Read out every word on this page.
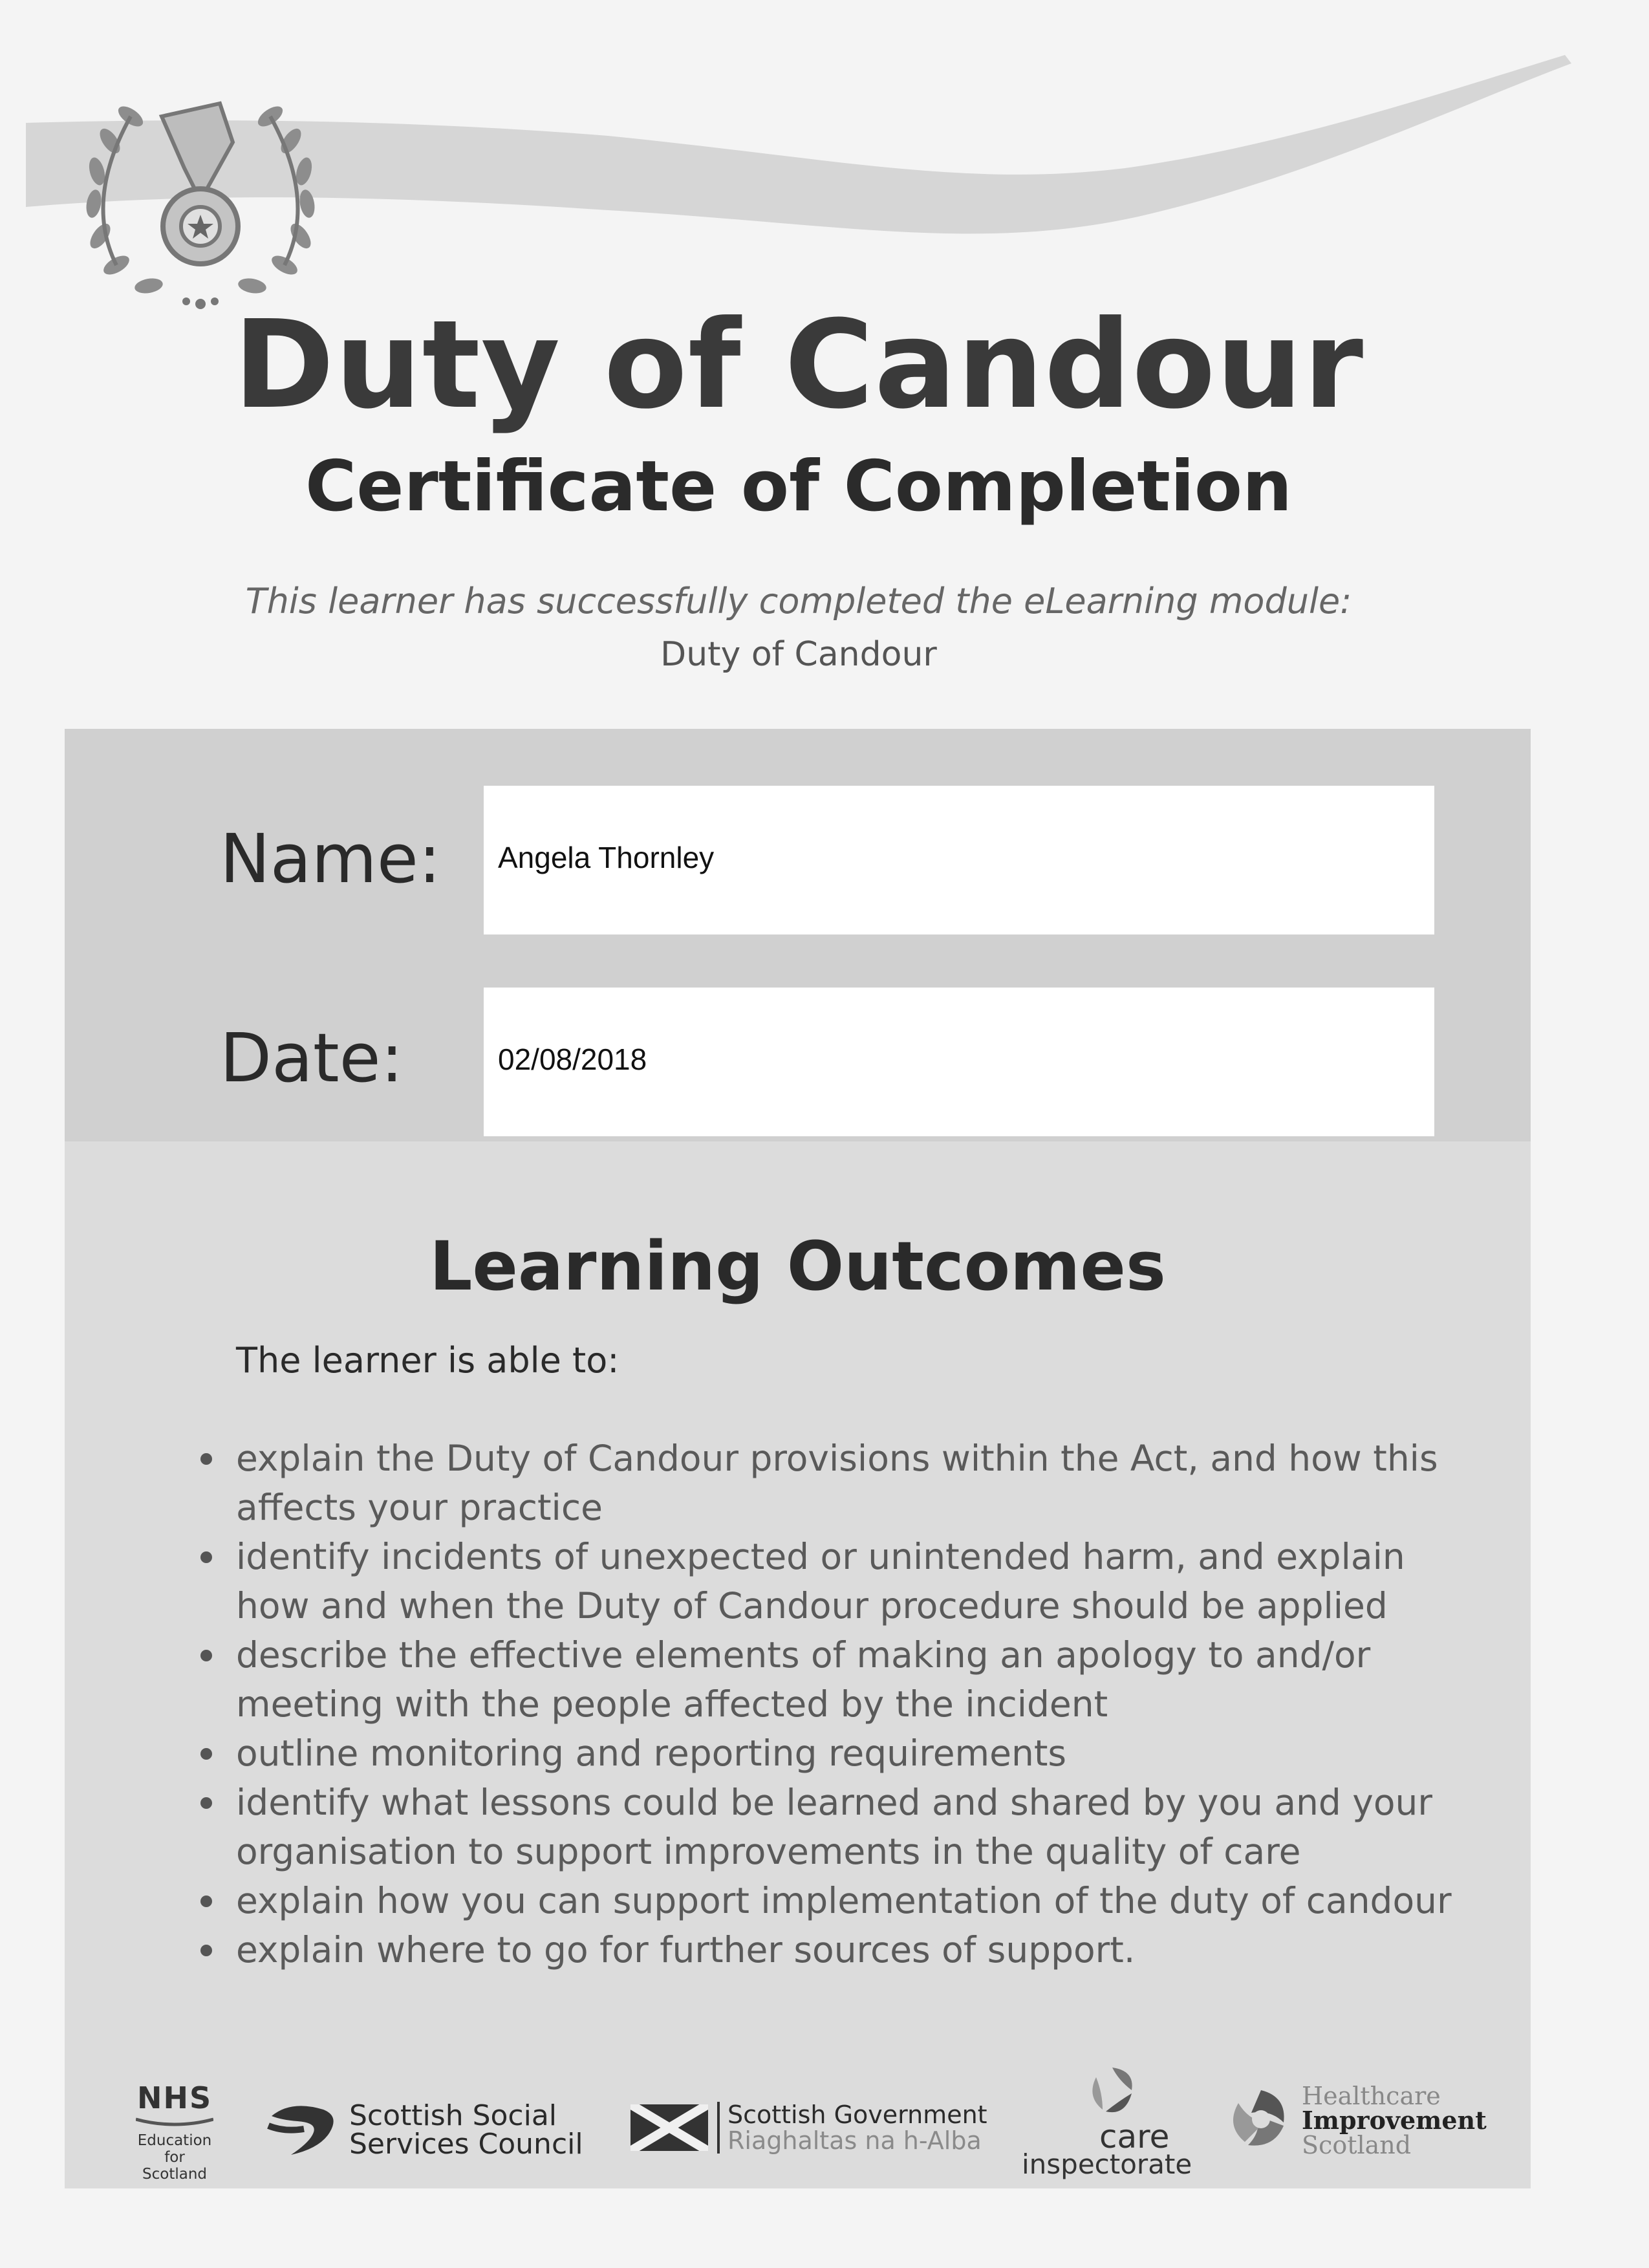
Duty of Candour
Certificate of Completion
This learner has successfully completed the eLearning module:
Duty of Candour
Name: Angela Thornley
Date:	02/08/2018
Learning Outcomes
The learner is able to:
explain the Duty of Candour provisions within the Act, and how this affects your practice
identify incidents of unexpected or unintended harm, and explain how and when the Duty of Candour procedure should be applied
describe the effective elements of making an apology to and/or meeting with the people affected by the incident
outline monitoring and reporting requirements
identify what lessons could be learned and shared by you and your organisation to support improvements in the quality of care
explain how you can support implementation of the duty of candour
explain where to go for further sources of support.
NHS
Education
for
Scotland
Scottish Social
Services Council
Scottish Government
Riaghaltas na h-Alba	care
inspectorate
Healthcare
Improvement
Scotland
